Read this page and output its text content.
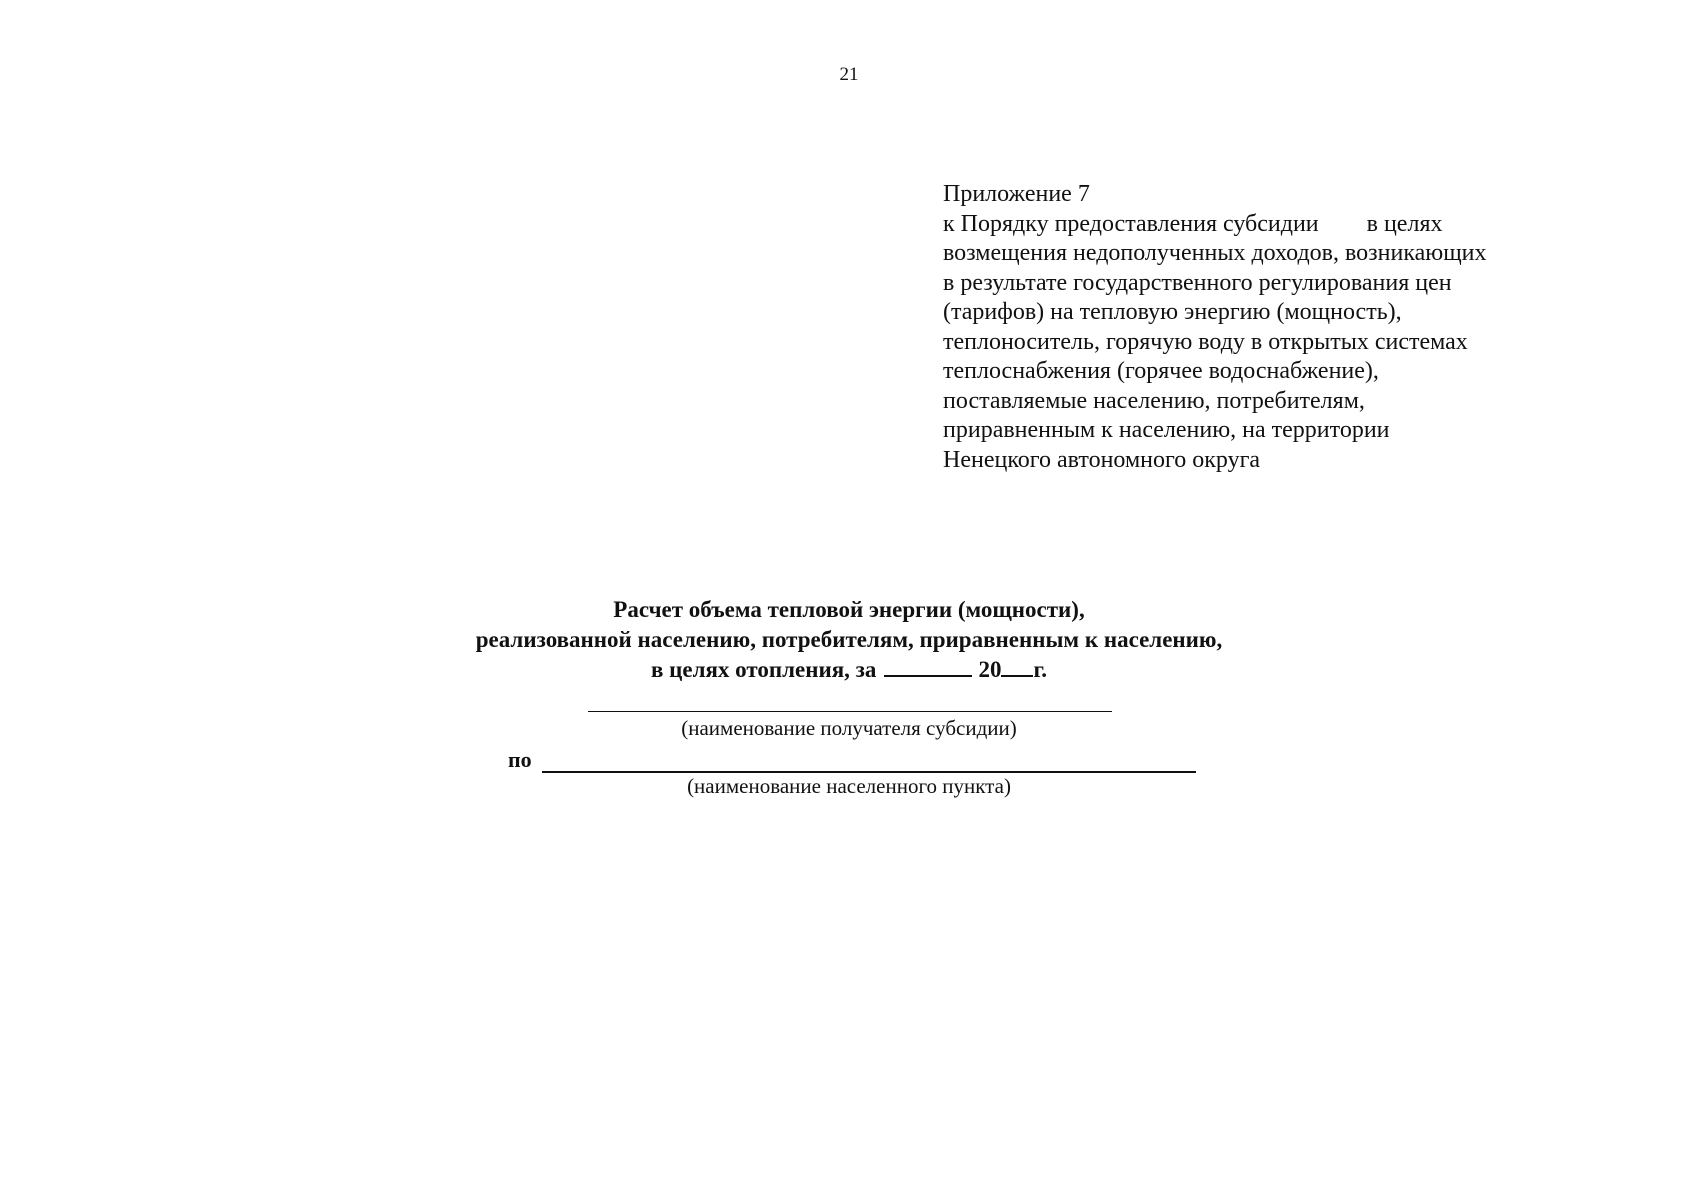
21
Приложение 7
к Порядку предоставления субсидии        в целях
возмещения недополученных доходов, возникающих
в результате государственного регулирования цен
(тарифов) на тепловую энергию (мощность),
теплоноситель, горячую воду в открытых системах
теплоснабжения (горячее водоснабжение),
поставляемые населению, потребителям,
приравненным к населению, на территории
Ненецкого автономного округа
Расчет объема тепловой энергии (мощности),
реализованной населению, потребителям, приравненным к населению,
в целях отопления, за	20 г.
(наименование получателя субсидии)
по
(наименование населенного пункта)
